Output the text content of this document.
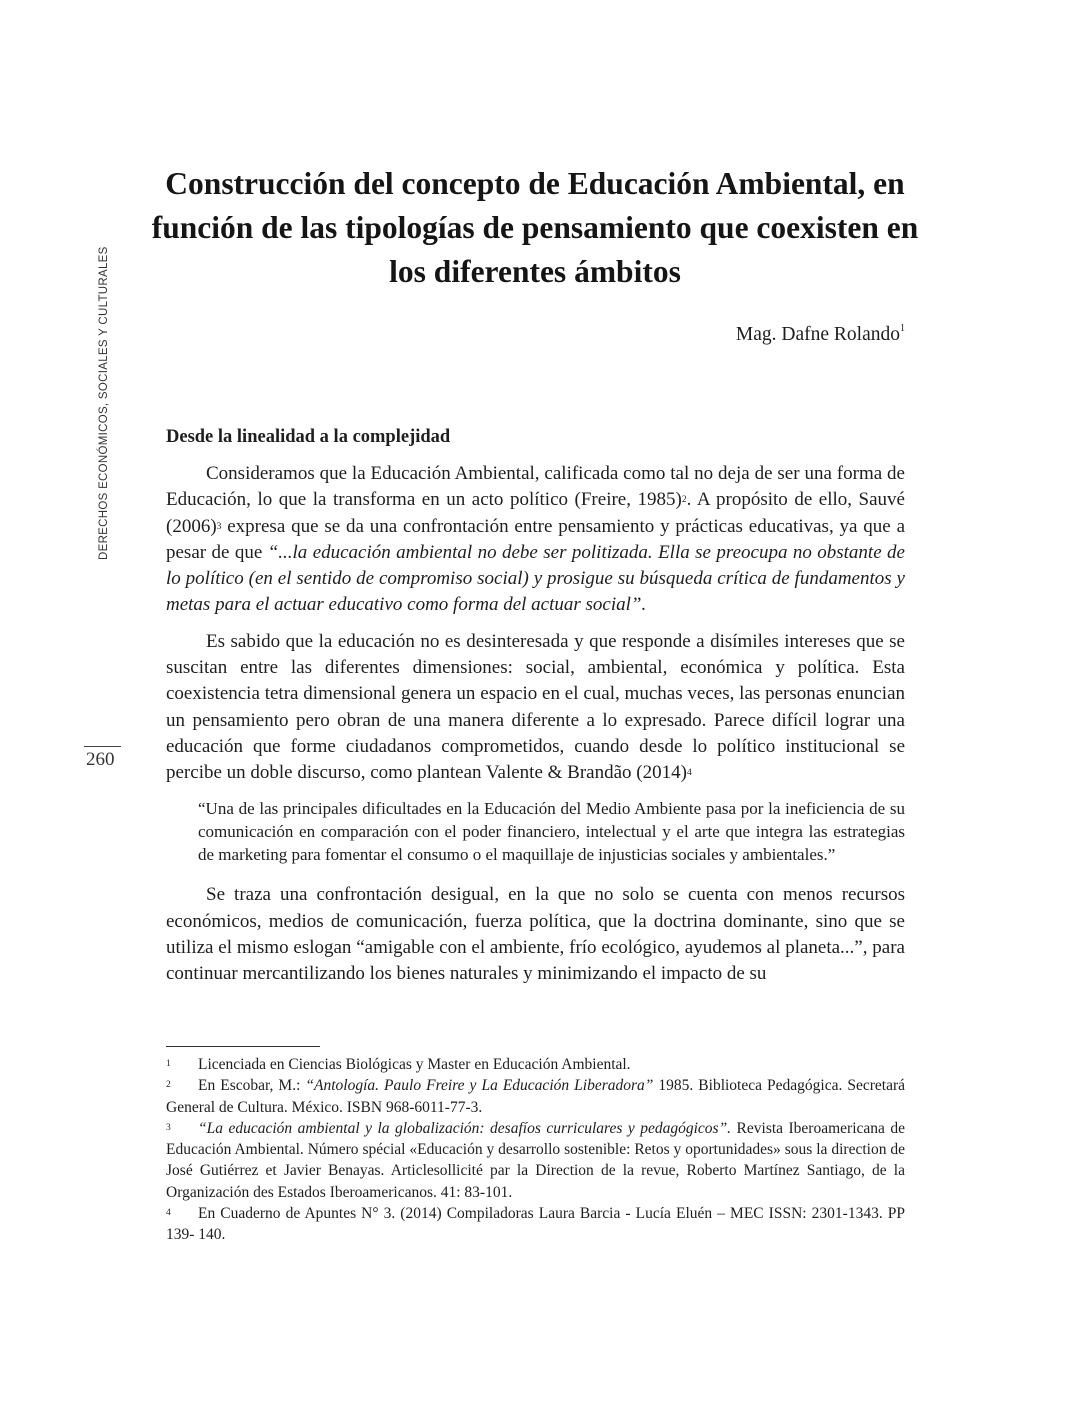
DERECHOS ECONÓMICOS, SOCIALES Y CULTURALES
260
Construcción del concepto de Educación Ambiental, en función de las tipologías de pensamiento que coexisten en los diferentes ámbitos
Mag. Dafne Rolando$^1$
Desde la linealidad a la complejidad

Consideramos que la Educación Ambiental, calificada como tal no deja de ser una forma de Educación, lo que la transforma en un acto político (Freire, 1985)$^2$. A propósito de ello, Sauvé $(2006)^3$ expresa que se da una confrontación entre pensamiento y prácticas educativas, ya que a pesar de que “...la educación ambiental no debe ser politizada. Ella se preocupa no obstante de lo político (en el sentido de compromiso social) y prosigue su búsqueda crítica de fundamentos y metas para el actuar educativo como forma del actuar social”.

Es sabido que la educación no es desinteresada y que responde a disímiles intereses que se suscitan entre las diferentes dimensiones: social, ambiental, económica y política. Esta coexistencia tetra dimensional genera un espacio en el cual, muchas veces, las personas enuncian un pensamiento pero obran de una manera diferente a lo expresado. Parece difícil lograr una educación que forme ciudadanos comprometidos, cuando desde lo político institucional se percibe un doble discurso, como plantean Valente & Brandão $(2014)^4$

“Una de las principales dificultades en la Educación del Medio Ambiente pasa por la ineficiencia de su comunicación en comparación con el poder financiero, intelectual y el arte que integra las estrategias de marketing para fomentar el consumo o el maquillaje de injusticias sociales y ambientales.”

Se traza una confrontación desigual, en la que no solo se cuenta con menos recursos económicos, medios de comunicación, fuerza política, que la doctrina dominante, sino que se utiliza el mismo eslogan “amigable con el ambiente, frío ecológico, ayudemos al planeta...”, para continuar mercantilizando los bienes naturales y minimizando el impacto de su

1 Licenciada en Ciencias Biológicas y Master en Educación Ambiental.

2 En Escobar, M.: “Antología. Paulo Freire y La Educación Liberadora” 1985. Biblioteca Pedagógica. Secretará General de Cultura. México. ISBN 968-6011-77-3.

3 “La educación ambiental y la globalización: desafíos curriculares y pedagógicos”. Revista Iberoamericana de Educación Ambiental. Número spécial «Educación y desarrollo sostenible: Retos y oportunidades» sous la direction de José Gutiérrez et Javier Benayas. Articlesollicité par la Direction de la revue, Roberto Martínez Santiago, de la Organización des Estados Iberoamericanos. 41: 83-101.

4 En Cuaderno de Apuntes N° 3. (2014) Compiladoras Laura Barcia - Lucía Eluén – MEC ISSN: 2301-1343. PP 139- 140.
